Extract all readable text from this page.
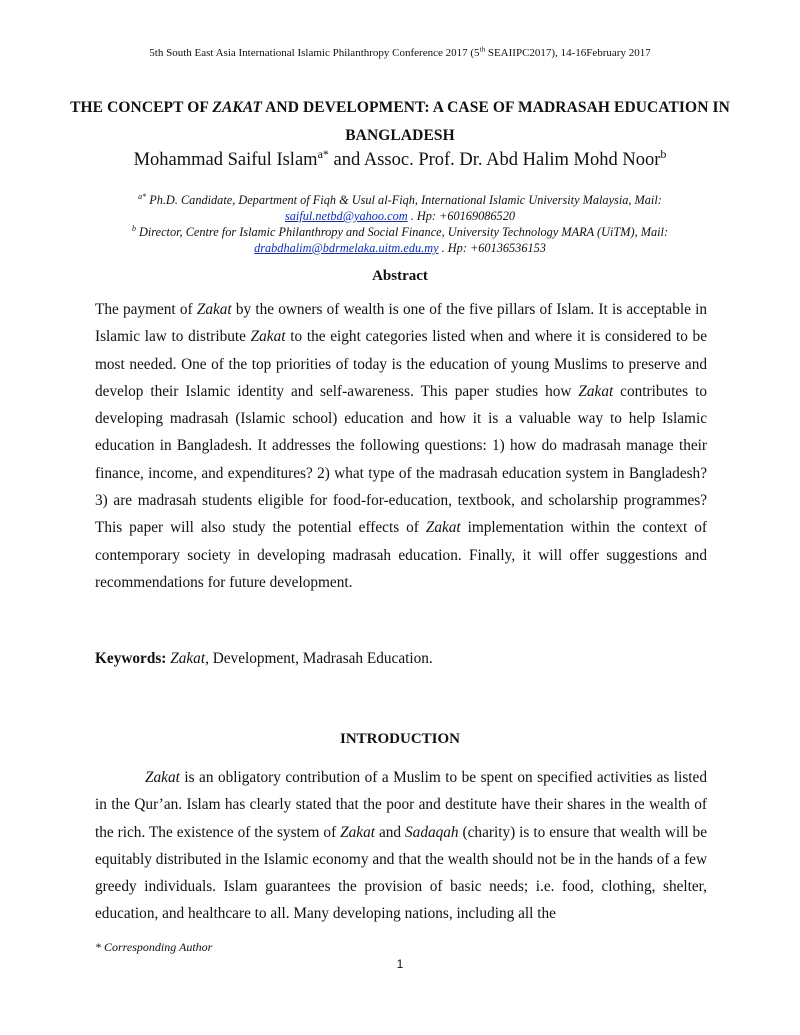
5th South East Asia International Islamic Philanthropy Conference 2017 (5th SEAIIPC2017), 14-16February 2017
THE CONCEPT OF ZAKAT AND DEVELOPMENT: A CASE OF MADRASAH EDUCATION IN BANGLADESH
Mohammad Saiful Islam$^{a*}$ and Assoc. Prof. Dr. Abd Halim Mohd Noor$^b$
$^{a*}$ Ph.D. Candidate, Department of Fiqh & Usul al-Fiqh, International Islamic University Malaysia, Mail: saiful.netbd@yahoo.com . Hp: +60169086520
$^b$ Director, Centre for Islamic Philanthropy and Social Finance, University Technology MARA (UiTM), Mail: drabdhalim@bdrmelaka.uitm.edu.my . Hp: +60136536153
Abstract

The payment of Zakat by the owners of wealth is one of the five pillars of Islam. It is acceptable in Islamic law to distribute Zakat to the eight categories listed when and where it is considered to be most needed. One of the top priorities of today is the education of young Muslims to preserve and develop their Islamic identity and self-awareness. This paper studies how Zakat contributes to developing madrasah (Islamic school) education and how it is a valuable way to help Islamic education in Bangladesh. It addresses the following questions: 1) how do madrasah manage their finance, income, and expenditures? 2) what type of the madrasah education system in Bangladesh? 3) are madrasah students eligible for food-for-education, textbook, and scholarship programmes? This paper will also study the potential effects of Zakat implementation within the context of contemporary society in developing madrasah education. Finally, it will offer suggestions and recommendations for future development.

Keywords: Zakat, Development, Madrasah Education.
INTRODUCTION

Zakat is an obligatory contribution of a Muslim to be spent on specified activities as listed in the Qur’an. Islam has clearly stated that the poor and destitute have their shares in the wealth of the rich. The existence of the system of Zakat and Sadaqah (charity) is to ensure that wealth will be equitably distributed in the Islamic economy and that the wealth should not be in the hands of a few greedy individuals. Islam guarantees the provision of basic needs; i.e. food, clothing, shelter, education, and healthcare to all. Many developing nations, including all the

* Corresponding Author
1
